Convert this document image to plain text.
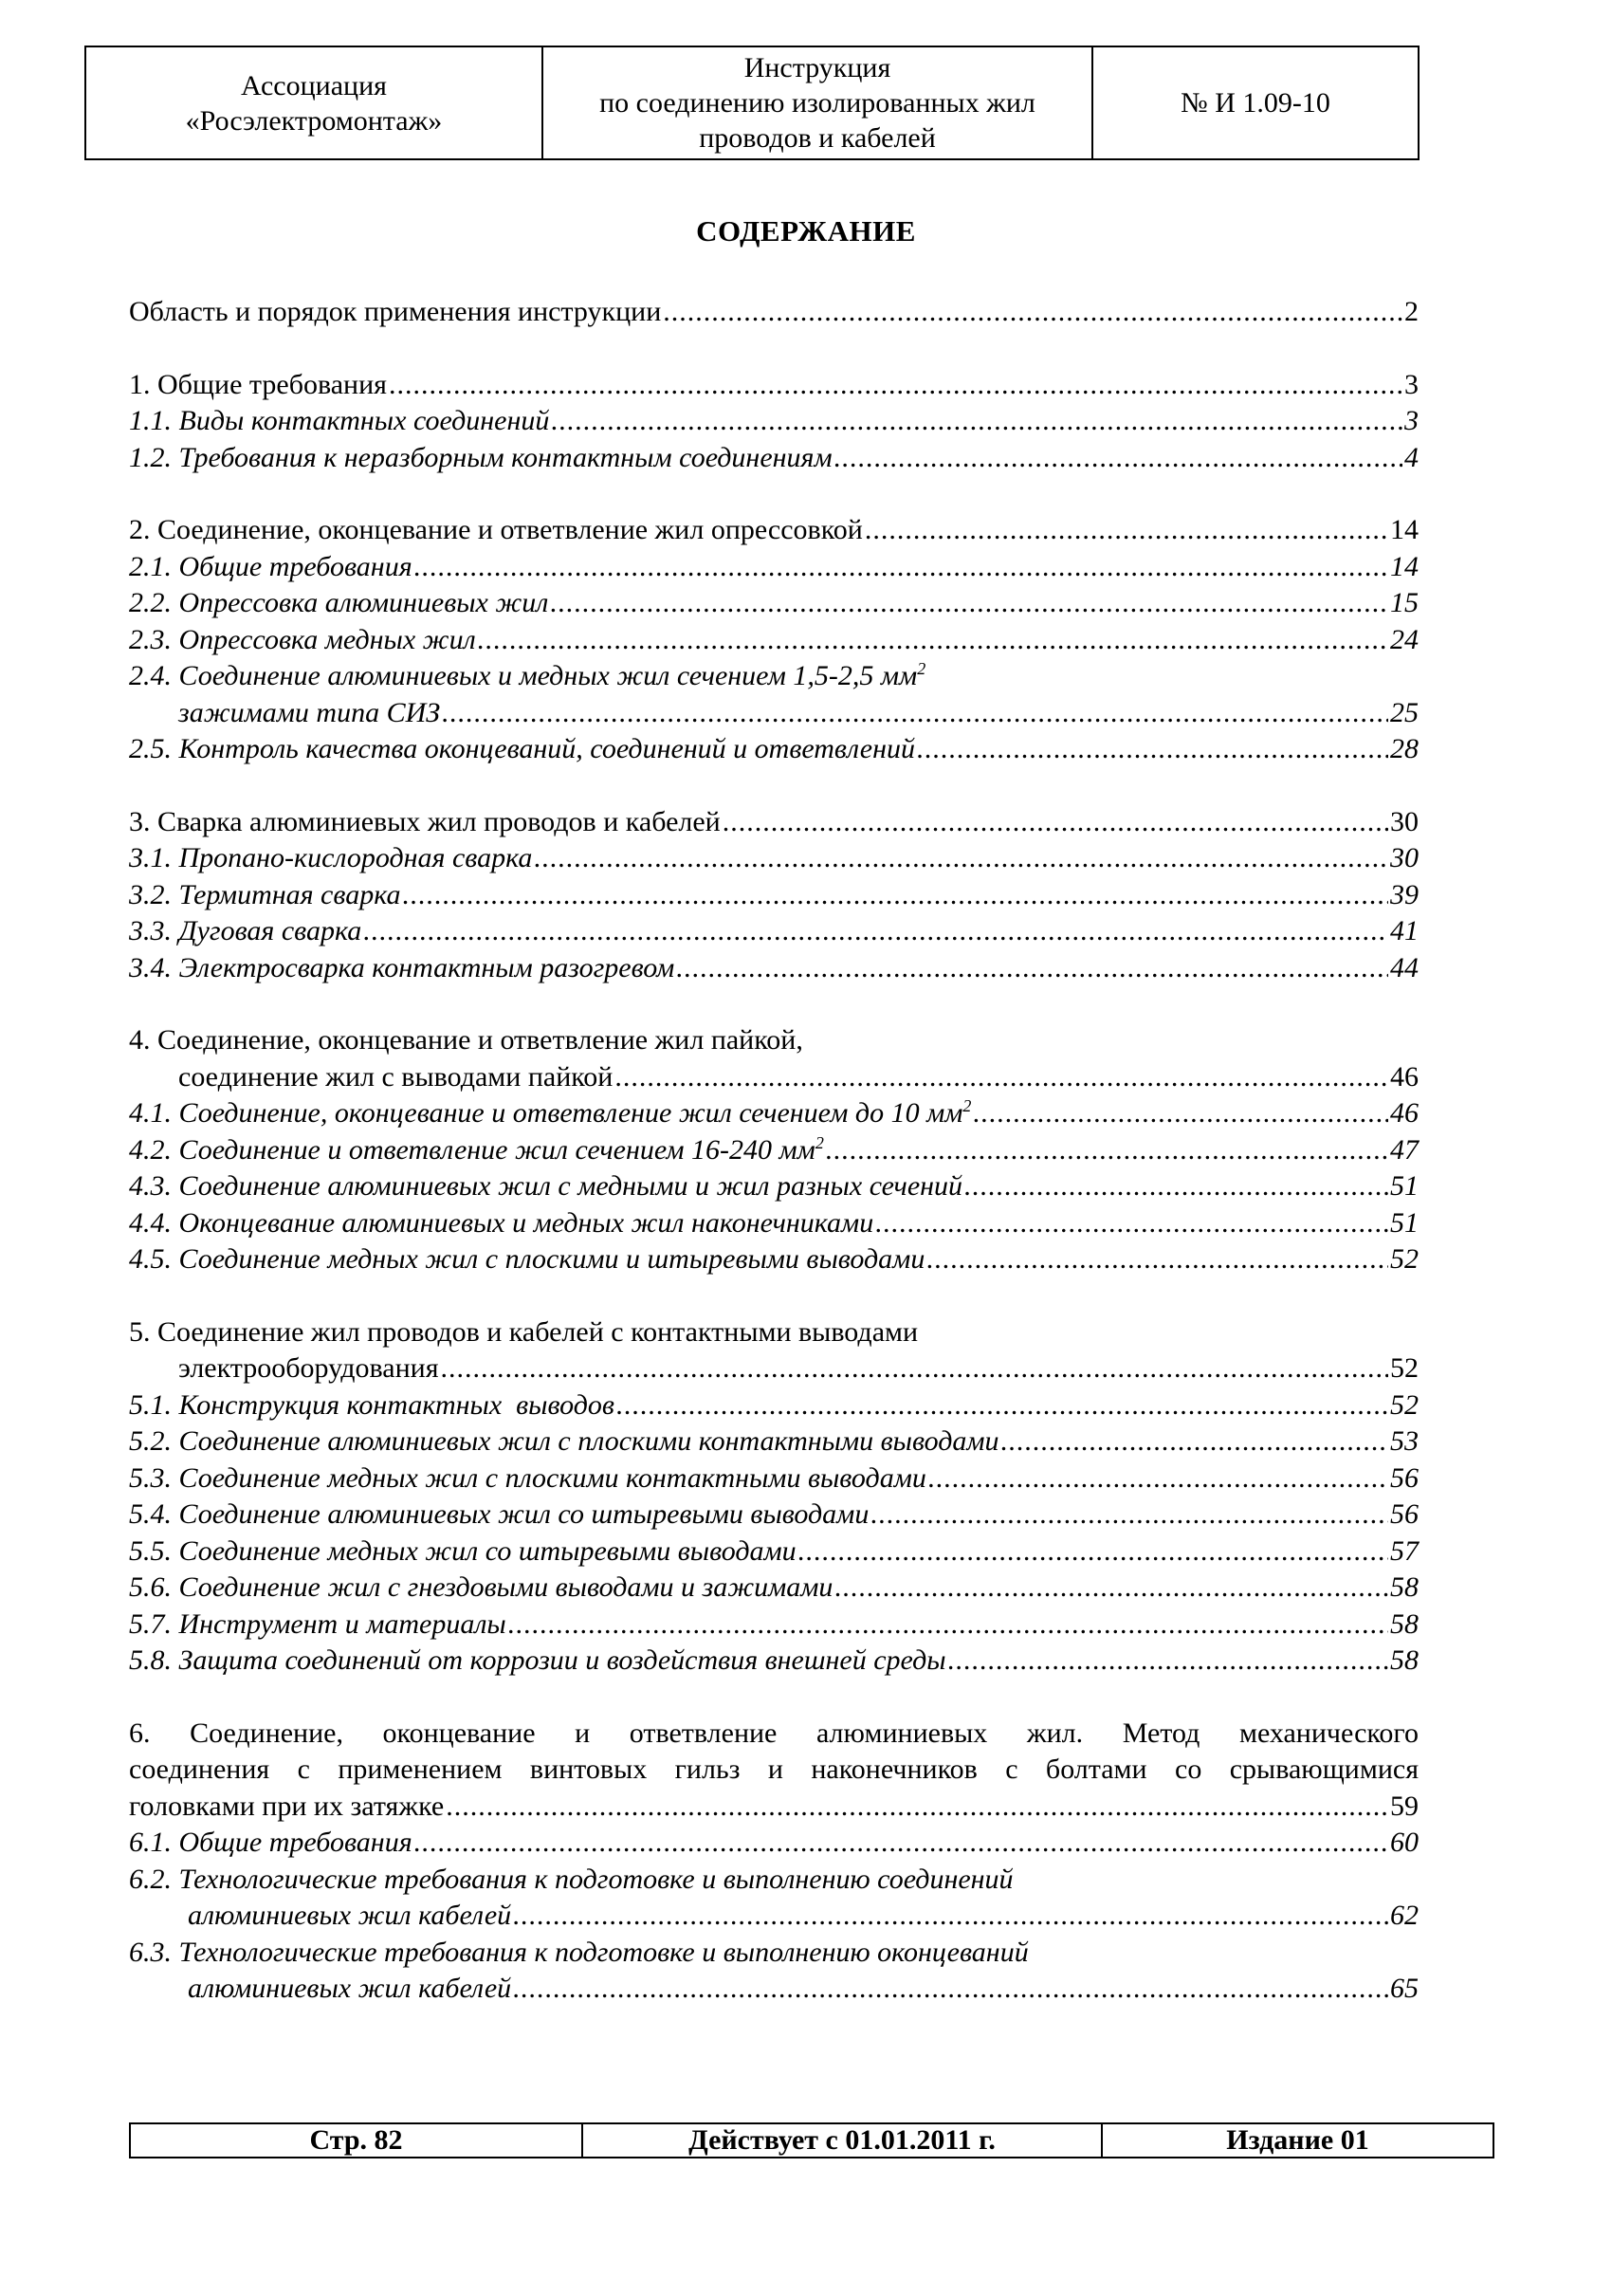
Ассоциация
«Росэлектромонтаж»
Инструкция
по соединению изолированных жил
проводов и кабелей
№ И 1.09-10
СОДЕРЖАНИЕ
Область и порядок применения инструкции .....	2
1. Общие требования .....	3
1.1. Виды контактных соединений .....	3
1.2. Требования к неразборным контактным соединениям .....	4
2. Соединение, оконцевание и ответвление жил опрессовкой .....	14
2.1. Общие требования .....	14
2.2. Опрессовка алюминиевых жил .....	15
2.3. Опрессовка медных жил .....	24
2.4. Соединение алюминиевых и медных жил сечением 1,5-2,5 $мм^2$
зажимами типа СИЗ .....	25
2.5. Контроль качества оконцеваний, соединений и ответвлений .....	28
3. Сварка алюминиевых жил проводов и кабелей .....	30
3.1. Пропано-кислородная сварка .....	30
3.2. Термитная сварка .....	39
3.3. Дуговая сварка .....	41
3.4. Электросварка контактным разогревом .....	44
4. Соединение, оконцевание и ответвление жил пайкой,
соединение жил с выводами пайкой .....	46
4.1. Соединение, оконцевание и ответвление жил сечением до 10 $мм^2$ .....	46
4.2. Соединение и ответвление жил сечением 16-240 $мм^2$ .....	47
4.3. Соединение алюминиевых жил с медными и жил разных сечений .....	51
4.4. Оконцевание алюминиевых и медных жил наконечниками .....	51
4.5. Соединение медных жил с плоскими и штыревыми выводами .....	52
5. Соединение жил проводов и кабелей с контактными выводами
электрооборудования .....	52
5.1. Конструкция контактных  выводов .....	52
5.2. Соединение алюминиевых жил с плоскими контактными выводами .....	53
5.3. Соединение медных жил с плоскими контактными выводами .....	56
5.4. Соединение алюминиевых жил со штыревыми выводами .....	56
5.5. Соединение медных жил со штыревыми выводами .....	57
5.6. Соединение жил с гнездовыми выводами и зажимами .....	58
5.7. Инструмент и материалы .....	58
5.8. Защита соединений от коррозии и воздействия внешней среды .....	58
6. Соединение, оконцевание и ответвление алюминиевых жил. Метод механического
соединения с применением винтовых гильз и наконечников с болтами со срывающимися
головками при их затяжке .....	59
6.1. Общие требования .....	60
6.2. Технологические требования к подготовке и выполнению соединений
алюминиевых жил кабелей .....	62
6.3. Технологические требования к подготовке и выполнению оконцеваний
алюминиевых жил кабелей .....	65
Стр. 82	Действует с 01.01.2011 г.	Издание 01
